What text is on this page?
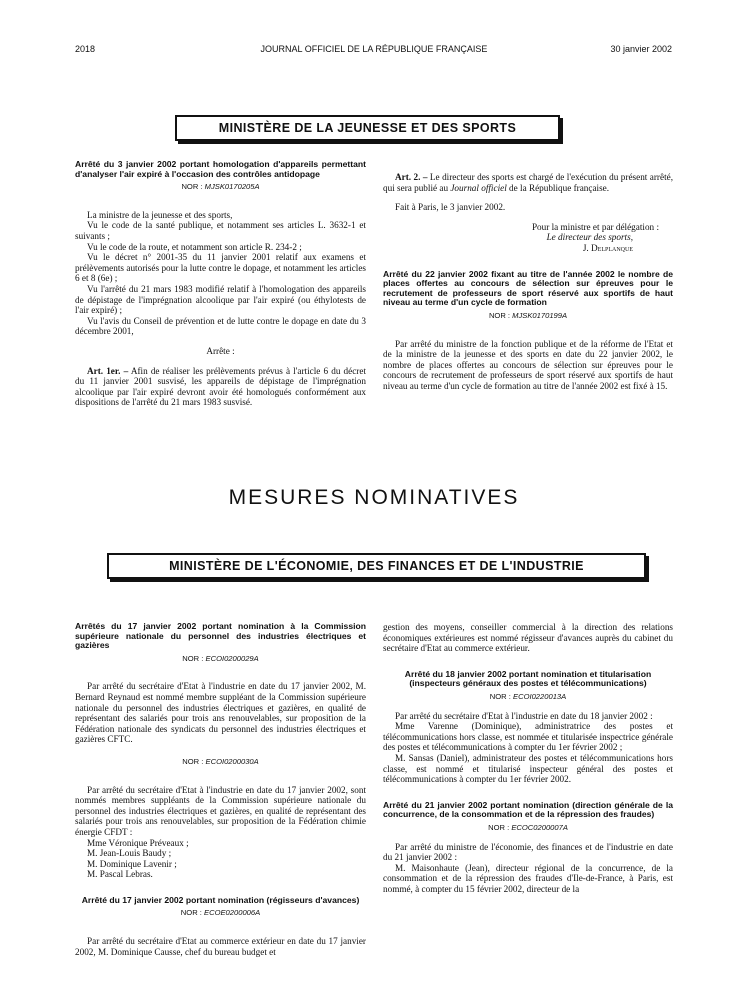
2018	JOURNAL OFFICIEL DE LA RÉPUBLIQUE FRANÇAISE	30 janvier 2002
MINISTÈRE DE LA JEUNESSE ET DES SPORTS
Arrêté du 3 janvier 2002 portant homologation d'appareils permettant d'analyser l'air expiré à l'occasion des contrôles antidopage
NOR : MJSK0170205A

La ministre de la jeunesse et des sports,

Vu le code de la santé publique, et notamment ses articles L. 3632-1 et suivants ;

Vu le code de la route, et notamment son article R. 234-2 ;

Vu le décret n° 2001-35 du 11 janvier 2001 relatif aux examens et prélèvements autorisés pour la lutte contre le dopage, et notamment les articles 6 et 8 (6e) ;

Vu l'arrêté du 21 mars 1983 modifié relatif à l'homologation des appareils de dépistage de l'imprégnation alcoolique par l'air expiré (ou éthylotests de l'air expiré) ;

Vu l'avis du Conseil de prévention et de lutte contre le dopage en date du 3 décembre 2001,

Arrête :

Art. 1er. – Afin de réaliser les prélèvements prévus à l'article 6 du décret du 11 janvier 2001 susvisé, les appareils de dépistage de l'imprégnation alcoolique par l'air expiré devront avoir été homologués conformément aux dispositions de l'arrêté du 21 mars 1983 susvisé.

Art. 2. – Le directeur des sports est chargé de l'exécution du présent arrêté, qui sera publié au Journal officiel de la République française.

Fait à Paris, le 3 janvier 2002.

Pour la ministre et par délégation :
Le directeur des sports,
J. Delplanque
Arrêté du 22 janvier 2002 fixant au titre de l'année 2002 le nombre de places offertes au concours de sélection sur épreuves pour le recrutement de professeurs de sport réservé aux sportifs de haut niveau au terme d'un cycle de formation
NOR : MJSK0170199A

Par arrêté du ministre de la fonction publique et de la réforme de l'Etat et de la ministre de la jeunesse et des sports en date du 22 janvier 2002, le nombre de places offertes au concours de sélection sur épreuves pour le concours de recrutement de professeurs de sport réservé aux sportifs de haut niveau au terme d'un cycle de formation au titre de l'année 2002 est fixé à 15.

MESURES NOMINATIVES
MINISTÈRE DE L'ÉCONOMIE, DES FINANCES ET DE L'INDUSTRIE
Arrêtés du 17 janvier 2002 portant nomination à la Commission supérieure nationale du personnel des industries électriques et gazières
NOR : ECOI0200029A

Par arrêté du secrétaire d'Etat à l'industrie en date du 17 janvier 2002, M. Bernard Reynaud est nommé membre suppléant de la Commission supérieure nationale du personnel des industries électriques et gazières, en qualité de représentant des salariés pour trois ans renouvelables, sur proposition de la Fédération nationale des syndicats du personnel des industries électriques et gazières CFTC.

NOR : ECOI0200030A

Par arrêté du secrétaire d'Etat à l'industrie en date du 17 janvier 2002, sont nommés membres suppléants de la Commission supérieure nationale du personnel des industries électriques et gazières, en qualité de représentant des salariés pour trois ans renouvelables, sur proposition de la Fédération chimie énergie CFDT :

Mme Véronique Préveaux ;

M. Jean-Louis Baudy ;

M. Dominique Lavenir ;

M. Pascal Lebras.

Arrêté du 17 janvier 2002 portant nomination (régisseurs d'avances)
NOR : ECOE0200006A

Par arrêté du secrétaire d'Etat au commerce extérieur en date du 17 janvier 2002, M. Dominique Causse, chef du bureau budget et

gestion des moyens, conseiller commercial à la direction des relations économiques extérieures est nommé régisseur d'avances auprès du cabinet du secrétaire d'Etat au commerce extérieur.

Arrêté du 18 janvier 2002 portant nomination et titularisation (inspecteurs généraux des postes et télécommunications)
NOR : ECOI0220013A

Par arrêté du secrétaire d'Etat à l'industrie en date du 18 janvier 2002 :

Mme Varenne (Dominique), administratrice des postes et télécommunications hors classe, est nommée et titularisée inspectrice générale des postes et télécommunications à compter du 1er février 2002 ;

M. Sansas (Daniel), administrateur des postes et télécommunications hors classe, est nommé et titularisé inspecteur général des postes et télécommunications à compter du 1er février 2002.

Arrêté du 21 janvier 2002 portant nomination (direction générale de la concurrence, de la consommation et de la répression des fraudes)
NOR : ECOC0200007A

Par arrêté du ministre de l'économie, des finances et de l'industrie en date du 21 janvier 2002 :

M. Maisonhaute (Jean), directeur régional de la concurrence, de la consommation et de la répression des fraudes d'Ile-de-France, à Paris, est nommé, à compter du 15 février 2002, directeur de la
